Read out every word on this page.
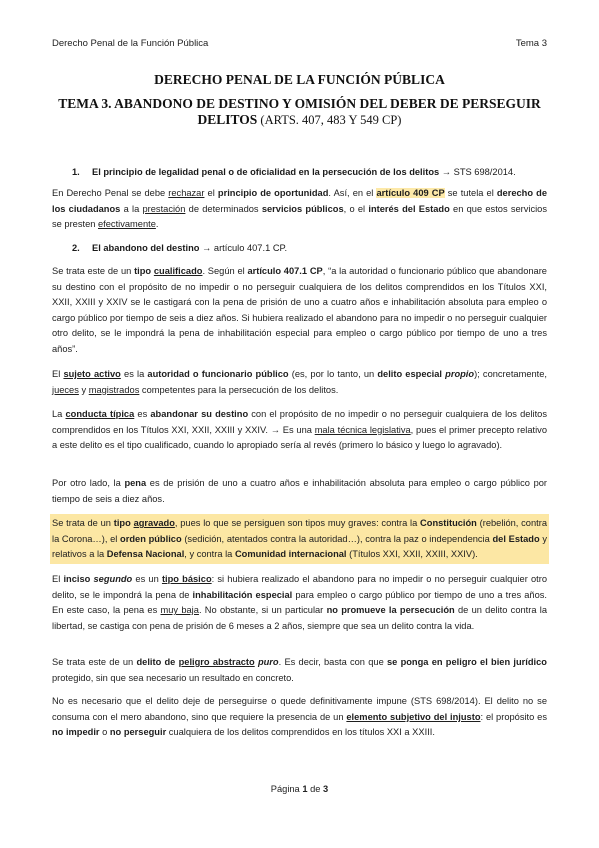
Derecho Penal de la Función Pública	Tema 3
DERECHO PENAL DE LA FUNCIÓN PÚBLICA
TEMA 3. ABANDONO DE DESTINO Y OMISIÓN DEL DEBER DE PERSEGUIR DELITOS (ARTS. 407, 483 Y 549 CP)
1. El principio de legalidad penal o de oficialidad en la persecución de los delitos → STS 698/2014.
En Derecho Penal se debe rechazar el principio de oportunidad. Así, en el artículo 409 CP se tutela el derecho de los ciudadanos a la prestación de determinados servicios públicos, o el interés del Estado en que estos servicios se presten efectivamente.
2. El abandono del destino → artículo 407.1 CP.
Se trata este de un tipo cualificado. Según el artículo 407.1 CP, “a la autoridad o funcionario público que abandonare su destino con el propósito de no impedir o no perseguir cualquiera de los delitos comprendidos en los Títulos XXI, XXII, XXIII y XXIV se le castigará con la pena de prisión de uno a cuatro años e inhabilitación absoluta para empleo o cargo público por tiempo de seis a diez años. Si hubiera realizado el abandono para no impedir o no perseguir cualquier otro delito, se le impondrá la pena de inhabilitación especial para empleo o cargo público por tiempo de uno a tres años”.
El sujeto activo es la autoridad o funcionario público (es, por lo tanto, un delito especial propio); concretamente, jueces y magistrados competentes para la persecución de los delitos.
La conducta típica es abandonar su destino con el propósito de no impedir o no perseguir cualquiera de los delitos comprendidos en los Títulos XXI, XXII, XXIII y XXIV. → Es una mala técnica legislativa, pues el primer precepto relativo a este delito es el tipo cualificado, cuando lo apropiado sería al revés (primero lo básico y luego lo agravado).
Por otro lado, la pena es de prisión de uno a cuatro años e inhabilitación absoluta para empleo o cargo público por tiempo de seis a diez años.
Se trata de un tipo agravado, pues lo que se persiguen son tipos muy graves: contra la Constitución (rebelión, contra la Corona…), el orden público (sedición, atentados contra la autoridad…), contra la paz o independencia del Estado y relativos a la Defensa Nacional, y contra la Comunidad internacional (Títulos XXI, XXII, XXIII, XXIV).
El inciso segundo es un tipo básico: si hubiera realizado el abandono para no impedir o no perseguir cualquier otro delito, se le impondrá la pena de inhabilitación especial para empleo o cargo público por tiempo de uno a tres años. En este caso, la pena es muy baja. No obstante, si un particular no promueve la persecución de un delito contra la libertad, se castiga con pena de prisión de 6 meses a 2 años, siempre que sea un delito contra la vida.
Se trata este de un delito de peligro abstracto puro. Es decir, basta con que se ponga en peligro el bien jurídico protegido, sin que sea necesario un resultado en concreto.
No es necesario que el delito deje de perseguirse o quede definitivamente impune (STS 698/2014). El delito no se consuma con el mero abandono, sino que requiere la presencia de un elemento subjetivo del injusto: el propósito es no impedir o no perseguir cualquiera de los delitos comprendidos en los títulos XXI a XXIII.
Página 1 de 3
